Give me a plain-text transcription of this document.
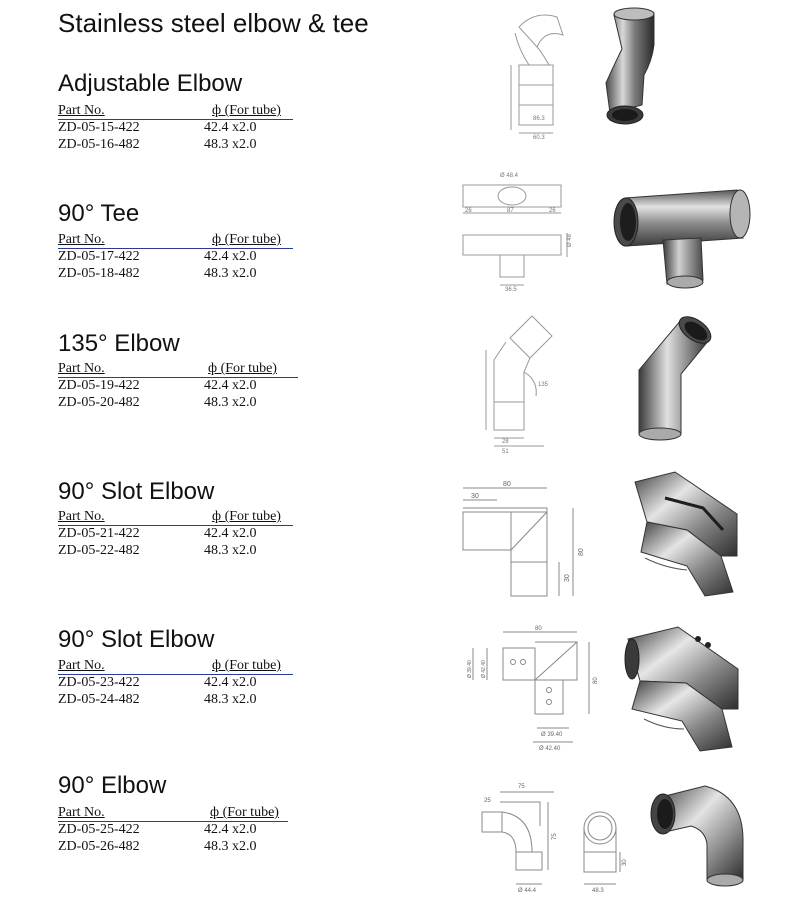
Stainless steel elbow & tee
Adjustable Elbow
Part No.	ф (For tube)
ZD-05-15-422	42.4 x2.0
ZD-05-16-482	48.3 x2.0
86.3
60.3
90° Tee
Part No.	ф (For tube)
ZD-05-17-422	42.4 x2.0
ZD-05-18-482	48.3 x2.0
Ø 48.4
26	87	26
Ø 48
36.5
135° Elbow
Part No.	ф (For tube)
ZD-05-19-422	42.4 x2.0
ZD-05-20-482	48.3 x2.0
135
28
51
90° Slot Elbow
Part No.	ф (For tube)
ZD-05-21-422	42.4 x2.0
ZD-05-22-482	48.3 x2.0
80
30
80
30
90° Slot Elbow
Part No.	ф (For tube)
ZD-05-23-422	42.4 x2.0
ZD-05-24-482	48.3 x2.0
80
Ø 39.40 Ø 42.40
80
Ø 39.40
Ø 42.40
90° Elbow
Part No.	ф (For tube)
ZD-05-25-422	42.4 x2.0
ZD-05-26-482	48.3 x2.0
75
25
75
Ø 44.4	48.3
30
